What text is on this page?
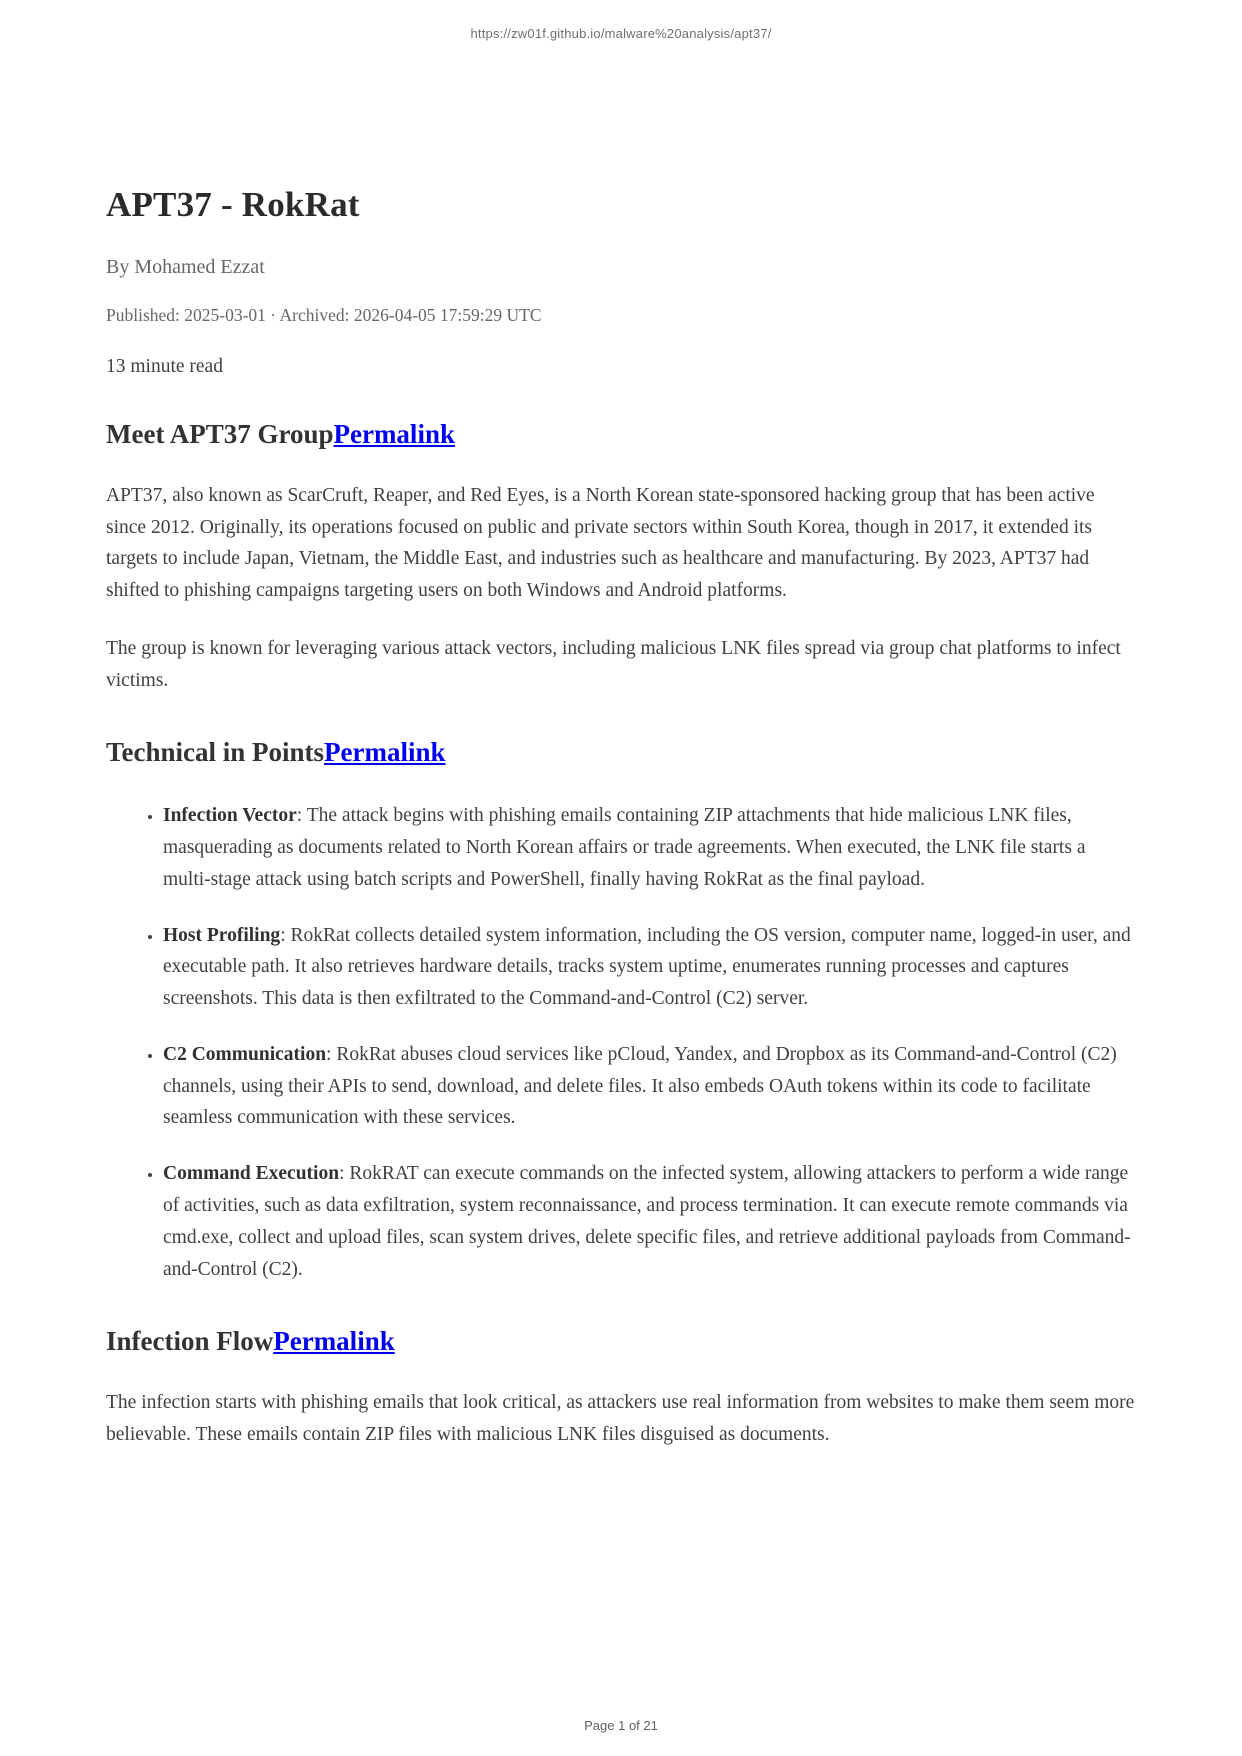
https://zw01f.github.io/malware%20analysis/apt37/
APT37 - RokRat

By Mohamed Ezzat

Published: 2025-03-01 · Archived: 2026-04-05 17:59:29 UTC

13 minute read

Meet APT37 GroupPermalink

APT37, also known as ScarCruft, Reaper, and Red Eyes, is a North Korean state-sponsored hacking group that has been active since 2012. Originally, its operations focused on public and private sectors within South Korea, though in 2017, it extended its targets to include Japan, Vietnam, the Middle East, and industries such as healthcare and manufacturing. By 2023, APT37 had shifted to phishing campaigns targeting users on both Windows and Android platforms.

The group is known for leveraging various attack vectors, including malicious LNK files spread via group chat platforms to infect victims.

Technical in PointsPermalink
• Infection Vector: The attack begins with phishing emails containing ZIP attachments that hide malicious LNK files, masquerading as documents related to North Korean affairs or trade agreements. When executed, the LNK file starts a multi-stage attack using batch scripts and PowerShell, finally having RokRat as the final payload.
• Host Profiling: RokRat collects detailed system information, including the OS version, computer name, logged-in user, and executable path. It also retrieves hardware details, tracks system uptime, enumerates running processes and captures screenshots. This data is then exfiltrated to the Command-and-Control (C2) server.
• C2 Communication: RokRat abuses cloud services like pCloud, Yandex, and Dropbox as its Command-and-Control (C2) channels, using their APIs to send, download, and delete files. It also embeds OAuth tokens within its code to facilitate seamless communication with these services.
• Command Execution: RokRAT can execute commands on the infected system, allowing attackers to perform a wide range of activities, such as data exfiltration, system reconnaissance, and process termination. It can execute remote commands via cmd.exe, collect and upload files, scan system drives, delete specific files, and retrieve additional payloads from Command-and-Control (C2).
Infection FlowPermalink

The infection starts with phishing emails that look critical, as attackers use real information from websites to make them seem more believable. These emails contain ZIP files with malicious LNK files disguised as documents.

Page 1 of 21
